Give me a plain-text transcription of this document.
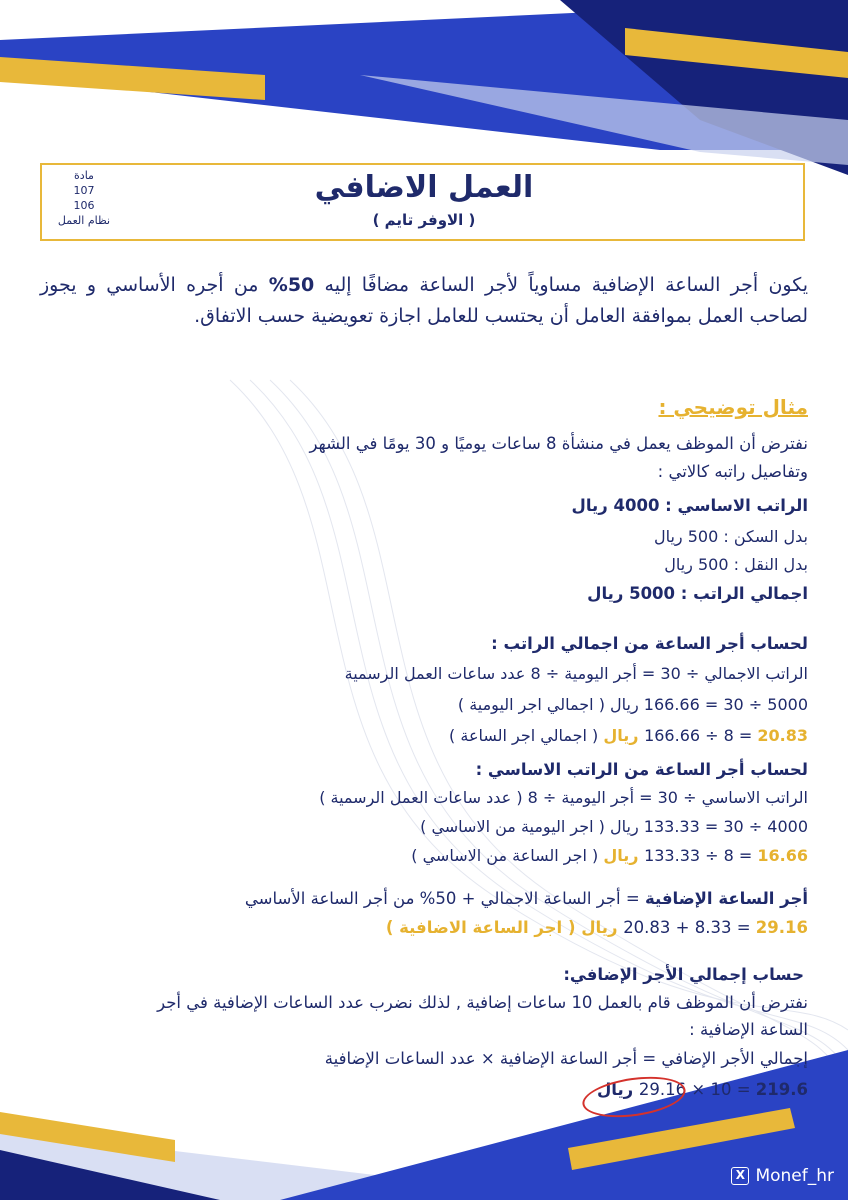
مادة
107
106
نظام العمل
العمل الاضافي
( الاوفر تايم )
يكون أجر الساعة الإضافية مساوياً لأجر الساعة مضافًا إليه 50% من أجره الأساسي و يجوز لصاحب العمل بموافقة العامل أن يحتسب للعامل اجازة تعويضية حسب الاتفاق.
مثال توضيحي :
نفترض أن الموظف يعمل في منشأة 8 ساعات يوميًا و 30 يومًا في الشهر
وتفاصيل راتبه كالاتي :
الراتب الاساسي : 4000 ريال
بدل السكن : 500 ريال
بدل النقل : 500 ريال
اجمالي الراتب : 5000 ريال
لحساب أجر الساعة من اجمالي الراتب :
الراتب الاجمالي ÷ 30 = أجر اليومية ÷ 8 عدد ساعات العمل الرسمية
5000 ÷ 30 = 166.66 ريال ( اجمالي اجر اليومية )
166.66 ÷ 8 = 20.83 ريال ( اجمالي اجر الساعة )
لحساب أجر الساعة من الراتب الاساسي :
الراتب الاساسي ÷ 30 = أجر اليومية ÷ 8 ( عدد ساعات العمل الرسمية )
4000 ÷ 30 = 133.33 ريال ( اجر اليومية من الاساسي )
133.33 ÷ 8 = 16.66 ريال ( اجر الساعة من الاساسي )
أجر الساعة الإضافية = أجر الساعة الاجمالي + 50% من أجر الساعة الأساسي
20.83 + 8.33 = 29.16 ريال ( اجر الساعة الاضافية )
حساب إجمالي الأجر الإضافي:
نفترض أن الموظف قام بالعمل 10 ساعات إضافية , لذلك نضرب عدد الساعات الإضافية في أجر
الساعة الإضافية :
إجمالي الأجر الإضافي = أجر الساعة الإضافية × عدد الساعات الإضافية
29.16 × 10 = 219.6 ريال
X Monef_hr
